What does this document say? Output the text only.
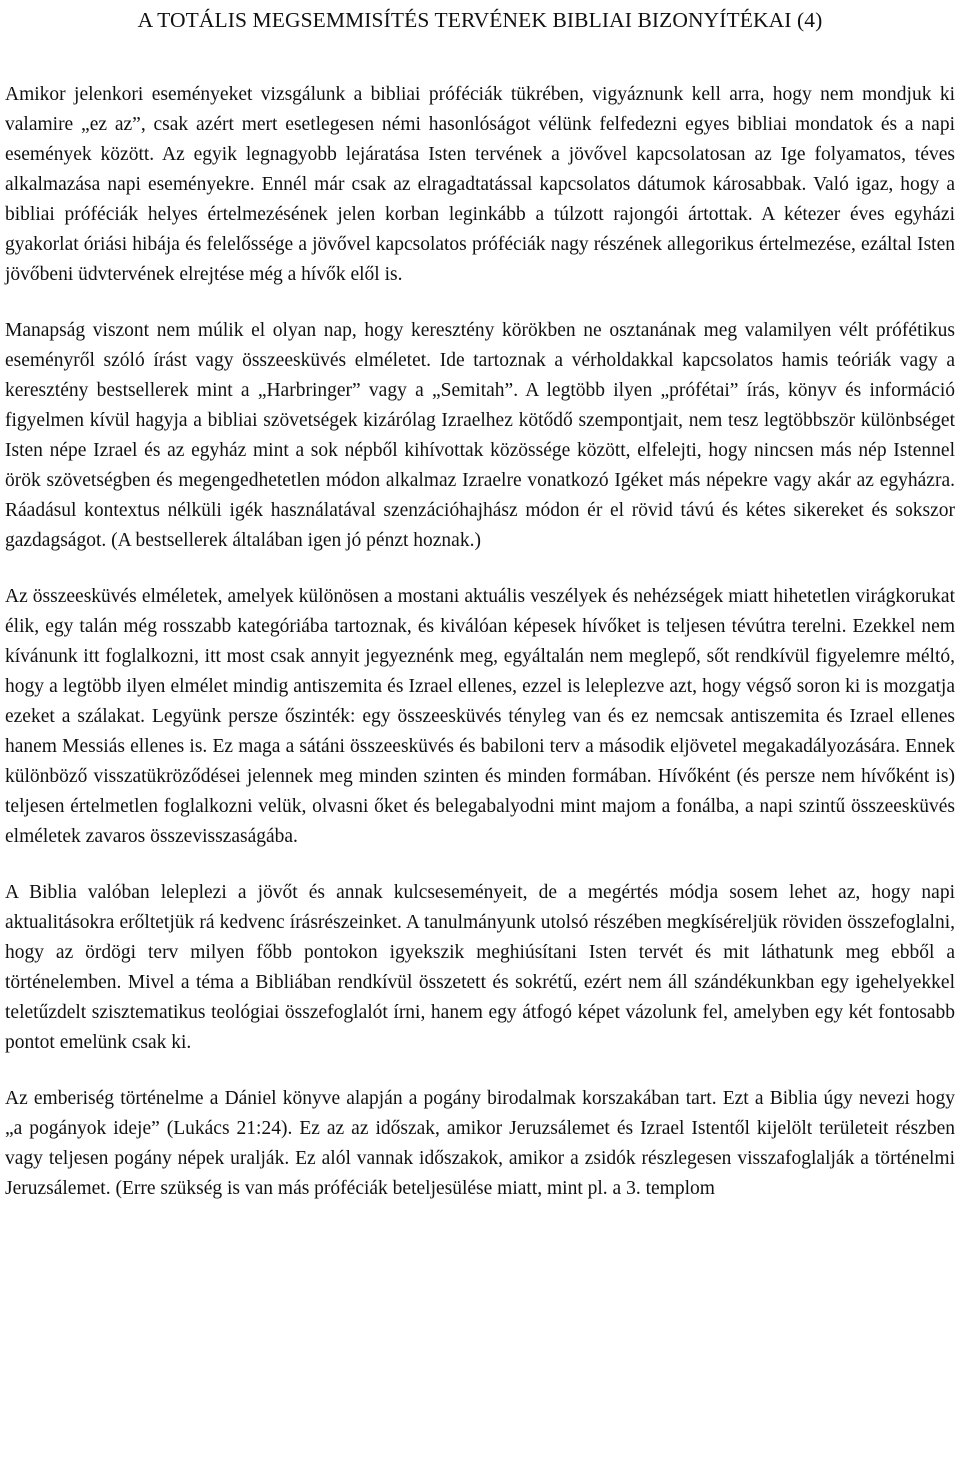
A TOTÁLIS MEGSEMMISÍTÉS TERVÉNEK BIBLIAI BIZONYÍTÉKAI (4)

Amikor jelenkori eseményeket vizsgálunk a bibliai próféciák tükrében, vigyáznunk kell arra, hogy nem mondjuk ki valamire „ez az”, csak azért mert esetlegesen némi hasonlóságot vélünk felfedezni egyes bibliai mondatok és a napi események között. Az egyik legnagyobb lejáratása Isten tervének a jövővel kapcsolatosan az Ige folyamatos, téves alkalmazása napi eseményekre. Ennél már csak az elragadtatással kapcsolatos dátumok károsabbak. Való igaz, hogy a bibliai próféciák helyes értelmezésének jelen korban leginkább a túlzott rajongói ártottak. A kétezer éves egyházi gyakorlat óriási hibája és felelőssége a jövővel kapcsolatos próféciák nagy részének allegorikus értelmezése, ezáltal Isten jövőbeni üdvtervének elrejtése még a hívők elől is.

Manapság viszont nem múlik el olyan nap, hogy keresztény körökben ne osztanának meg valamilyen vélt prófétikus eseményről szóló írást vagy összeesküvés elméletet. Ide tartoznak a vérholdakkal kapcsolatos hamis teóriák vagy a keresztény bestsellerek mint a „Harbringer” vagy a „Semitah”. A legtöbb ilyen „prófétai” írás, könyv és információ figyelmen kívül hagyja a bibliai szövetségek kizárólag Izraelhez kötődő szempontjait, nem tesz legtöbbször különbséget Isten népe Izrael és az egyház mint a sok népből kihívottak közössége között, elfelejti, hogy nincsen más nép Istennel örök szövetségben és megengedhetetlen módon alkalmaz Izraelre vonatkozó Igéket más népekre vagy akár az egyházra. Ráadásul kontextus nélküli igék használatával szenzációhajhász módon ér el rövid távú és kétes sikereket és sokszor gazdagságot. (A bestsellerek általában igen jó pénzt hoznak.)

Az összeesküvés elméletek, amelyek különösen a mostani aktuális veszélyek és nehézségek miatt hihetetlen virágkorukat élik, egy talán még rosszabb kategóriába tartoznak, és kiválóan képesek hívőket is teljesen tévútra terelni. Ezekkel nem kívánunk itt foglalkozni, itt most csak annyit jegyeznénk meg, egyáltalán nem meglepő, sőt rendkívül figyelemre méltó, hogy a legtöbb ilyen elmélet mindig antiszemita és Izrael ellenes, ezzel is leleplezve azt, hogy végső soron ki is mozgatja ezeket a szálakat. Legyünk persze őszinték: egy összeesküvés tényleg van és ez nemcsak antiszemita és Izrael ellenes hanem Messiás ellenes is. Ez maga a sátáni összeesküvés és babiloni terv a második eljövetel megakadályozására. Ennek különböző visszatükröződései jelennek meg minden szinten és minden formában. Hívőként (és persze nem hívőként is) teljesen értelmetlen foglalkozni velük, olvasni őket és belegabalyodni mint majom a fonálba, a napi szintű összeesküvés elméletek zavaros összevisszaságába.

A Biblia valóban leleplezi a jövőt és annak kulcseseményeit, de a megértés módja sosem lehet az, hogy napi aktualitásokra erőltetjük rá kedvenc írásrészeinket. A tanulmányunk utolsó részében megkíséreljük röviden összefoglalni, hogy az ördögi terv milyen főbb pontokon igyekszik meghiúsítani Isten tervét és mit láthatunk meg ebből a történelemben. Mivel a téma a Bibliában rendkívül összetett és sokrétű, ezért nem áll szándékunkban egy igehelyekkel teletűzdelt szisztematikus teológiai összefoglalót írni, hanem egy átfogó képet vázolunk fel, amelyben egy két fontosabb pontot emelünk csak ki.

Az emberiség történelme a Dániel könyve alapján a pogány birodalmak korszakában tart. Ezt a Biblia úgy nevezi hogy „a pogányok ideje” (Lukács 21:24). Ez az az időszak, amikor Jeruzsálemet és Izrael Istentől kijelölt területeit részben vagy teljesen pogány népek uralják. Ez alól vannak időszakok, amikor a zsidók részlegesen visszafoglalják a történelmi Jeruzsálemet. (Erre szükség is van más próféciák beteljesülése miatt, mint pl. a 3. templom
